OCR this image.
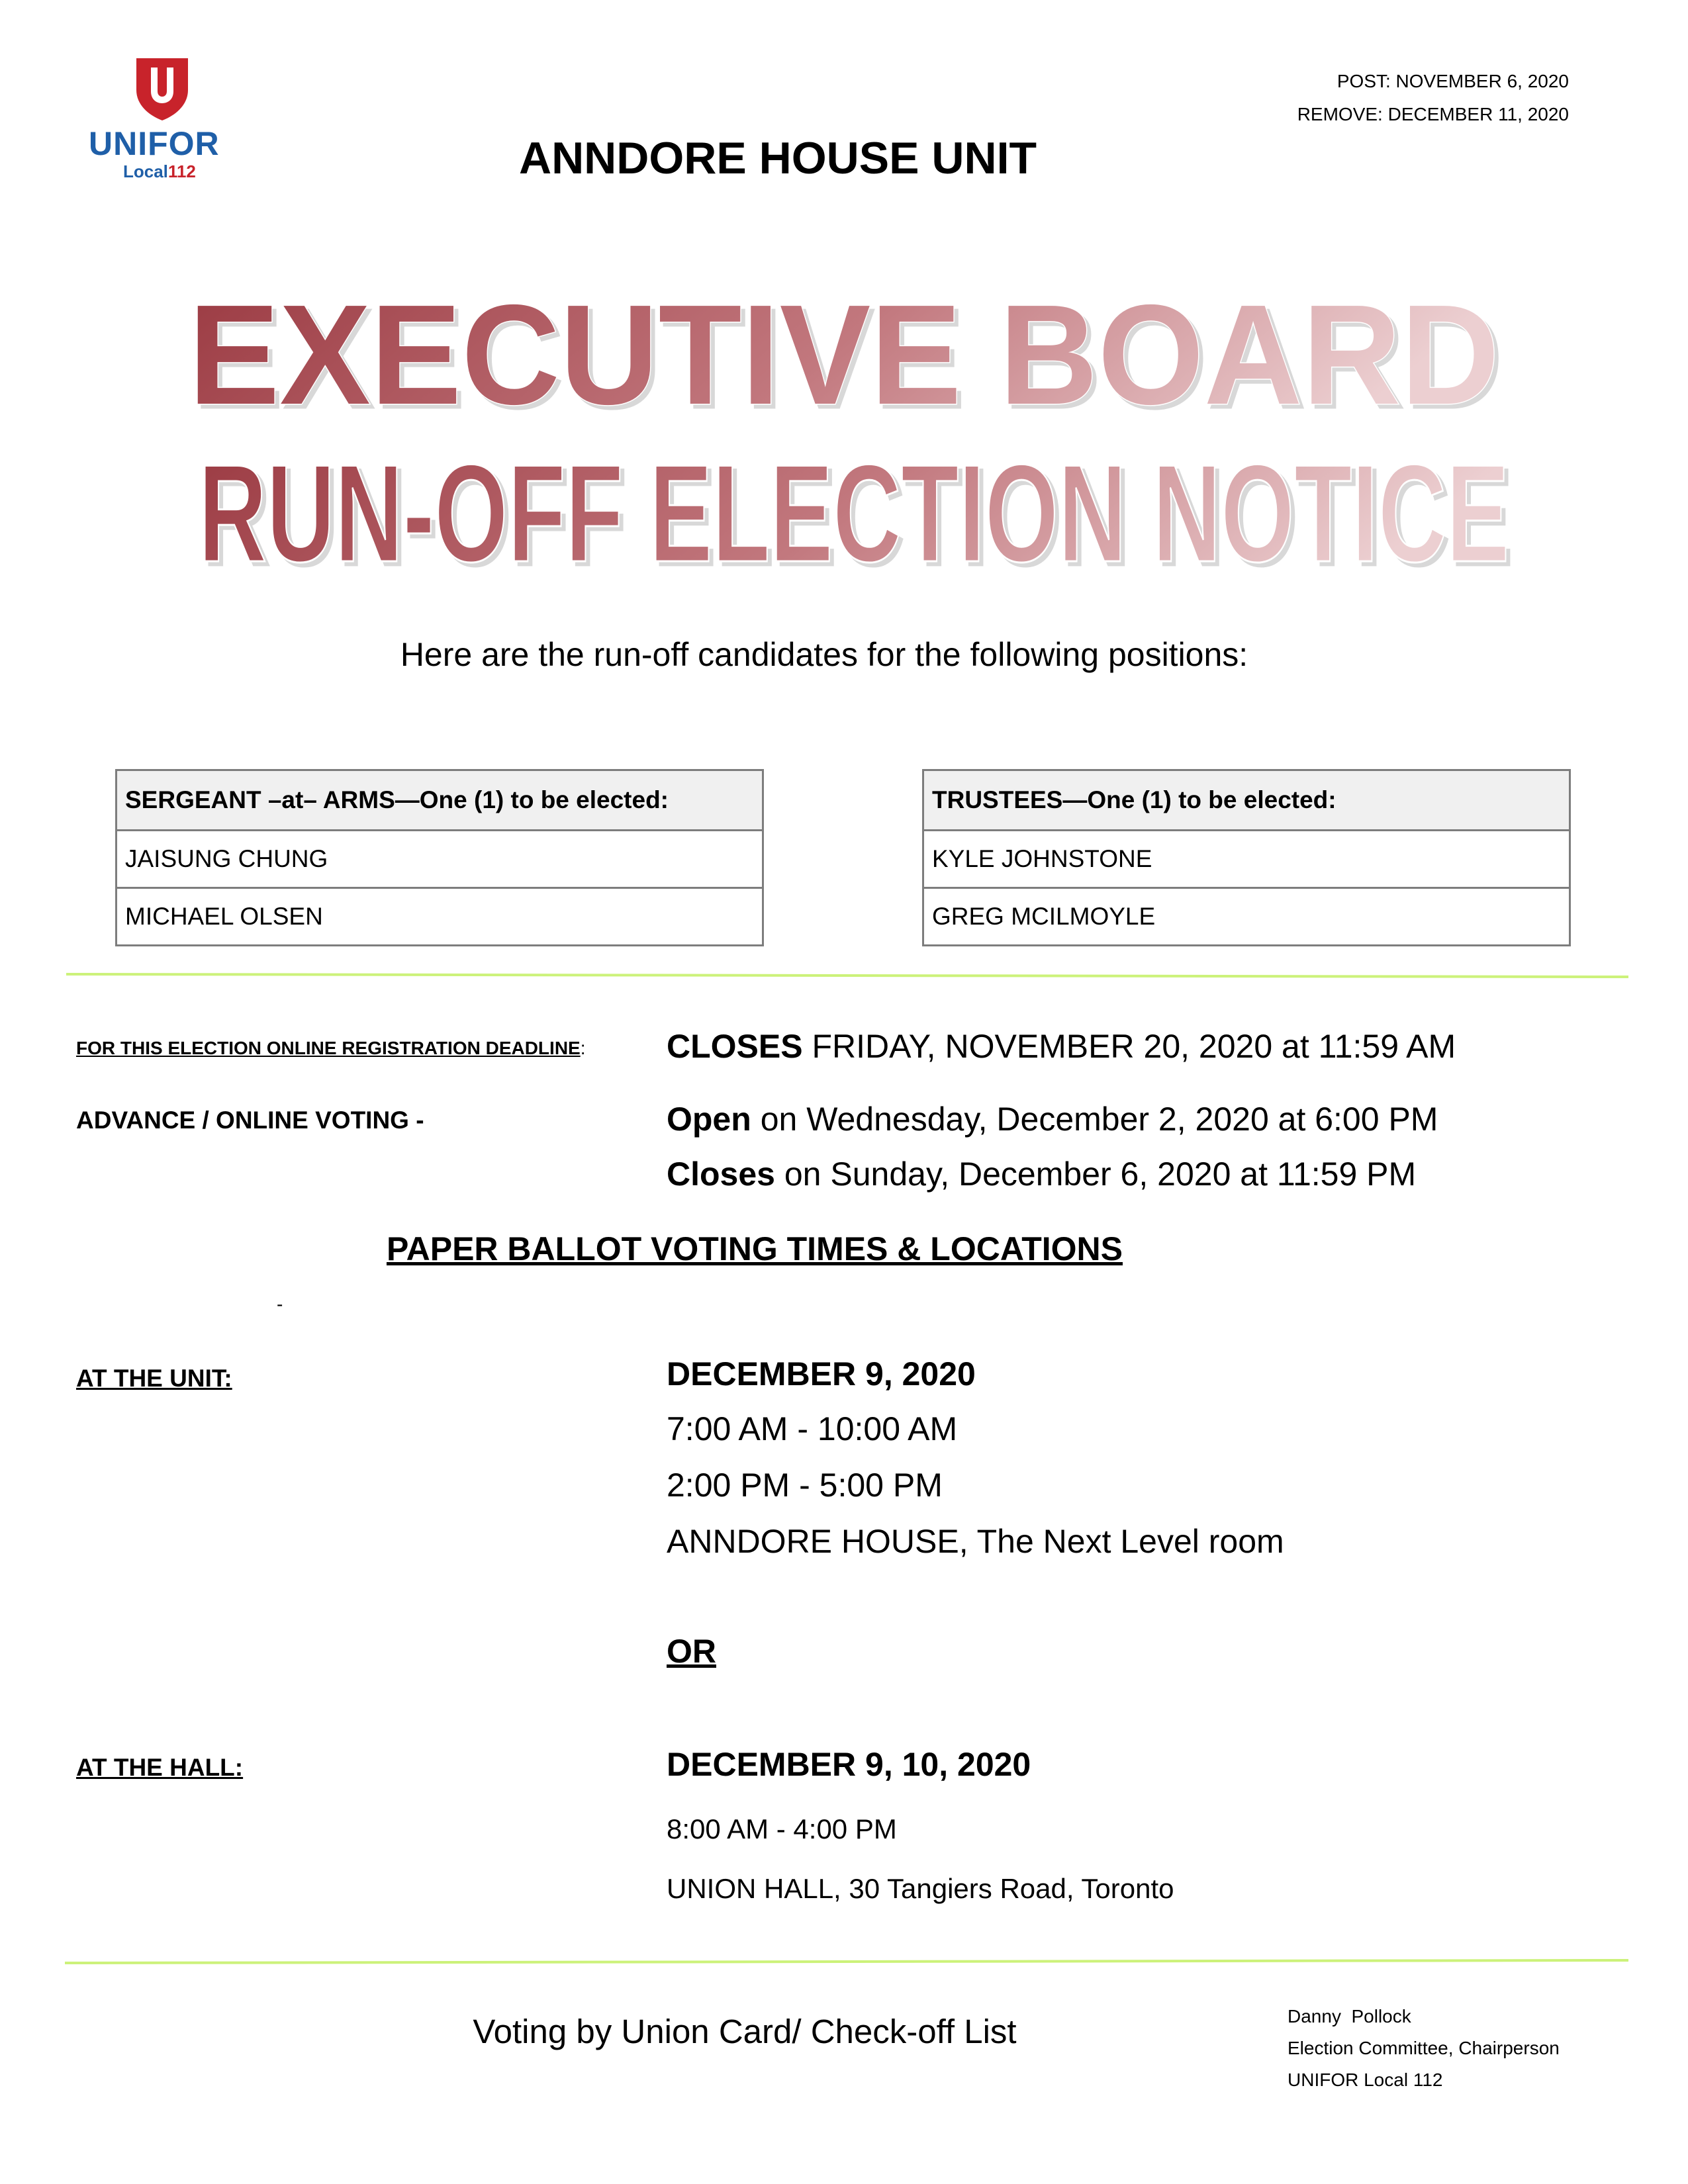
UNIFOR
Local112
POST: NOVEMBER 6, 2020
REMOVE: DECEMBER 11, 2020
ANNDORE HOUSE UNIT
EXECUTIVE BOARD
RUN-OFF ELECTION NOTICE
Here are the run-off candidates for the following positions:
SERGEANT –at– ARMS—One (1) to be elected:
JAISUNG CHUNG
MICHAEL OLSEN
TRUSTEES—One (1) to be elected:
KYLE JOHNSTONE
GREG MCILMOYLE
FOR THIS ELECTION ONLINE REGISTRATION DEADLINE: CLOSES FRIDAY, NOVEMBER 20, 2020 at 11:59 AM
ADVANCE / ONLINE VOTING -	Open on Wednesday, December 2, 2020 at 6:00 PM
Closes on Sunday, December 6, 2020 at 11:59 PM
PAPER BALLOT VOTING TIMES & LOCATIONS
-
AT THE UNIT:	DECEMBER 9, 2020
7:00 AM - 10:00 AM
2:00 PM - 5:00 PM
ANNDORE HOUSE, The Next Level room
OR
AT THE HALL:	DECEMBER 9, 10, 2020
8:00 AM - 4:00 PM
UNION HALL, 30 Tangiers Road, Toronto
Voting by Union Card/ Check-off List	Danny  Pollock
Election Committee, Chairperson
UNIFOR Local 112
